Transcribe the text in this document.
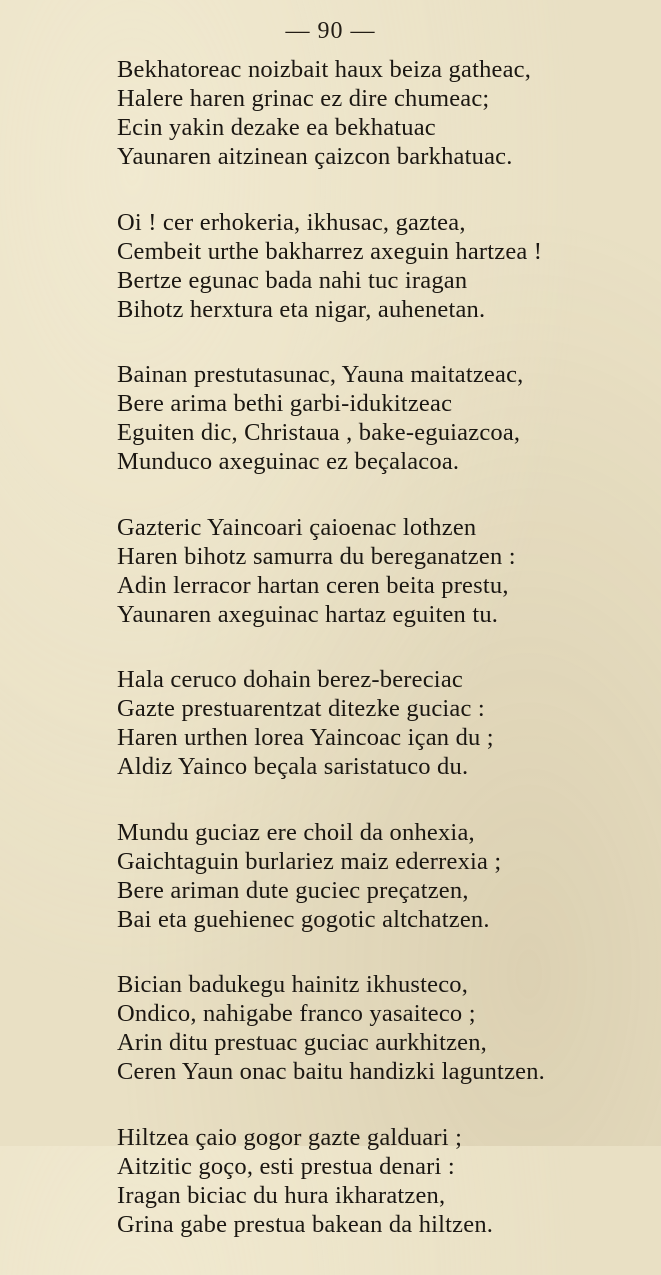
— 90 —
Bekhatoreac noizbait haux beiza gatheac,
Halere haren grinac ez dire chumeac;
Ecin yakin dezake ea bekhatuac
Yaunaren aitzinean çaizcon barkhatuac.
Oi ! cer erhokeria, ikhusac, gaztea,
Cembeit urthe bakharrez axeguin hartzea !
Bertze egunac bada nahi tuc iragan
Bihotz herxtura eta nigar, auhenetan.
Bainan prestutasunac, Yauna maitatzeac,
Bere arima bethi garbi-idukitzeac
Eguiten dic, Christaua , bake-eguiazcoa,
Munduco axeguinac ez beçalacoa.
Gazteric Yaincoari çaioenac lothzen
Haren bihotz samurra du bereganatzen :
Adin lerracor hartan ceren beita prestu,
Yaunaren axeguinac hartaz eguiten tu.
Hala ceruco dohain berez-bereciac
Gazte prestuarentzat ditezke guciac :
Haren urthen lorea Yaincoac içan du ;
Aldiz Yainco beçala saristatuco du.
Mundu guciaz ere choil da onhexia,
Gaichtaguin burlariez maiz ederrexia ;
Bere ariman dute guciec preçatzen,
Bai eta guehienec gogotic altchatzen.
Bician badukegu hainitz ikhusteco,
Ondico, nahigabe franco yasaiteco ;
Arin ditu prestuac guciac aurkhitzen,
Ceren Yaun onac baitu handizki laguntzen.
Hiltzea çaio gogor gazte galduari ;
Aitzitic goço, esti prestua denari :
Iragan biciac du hura ikharatzen,
Grina gabe prestua bakean da hiltzen.
